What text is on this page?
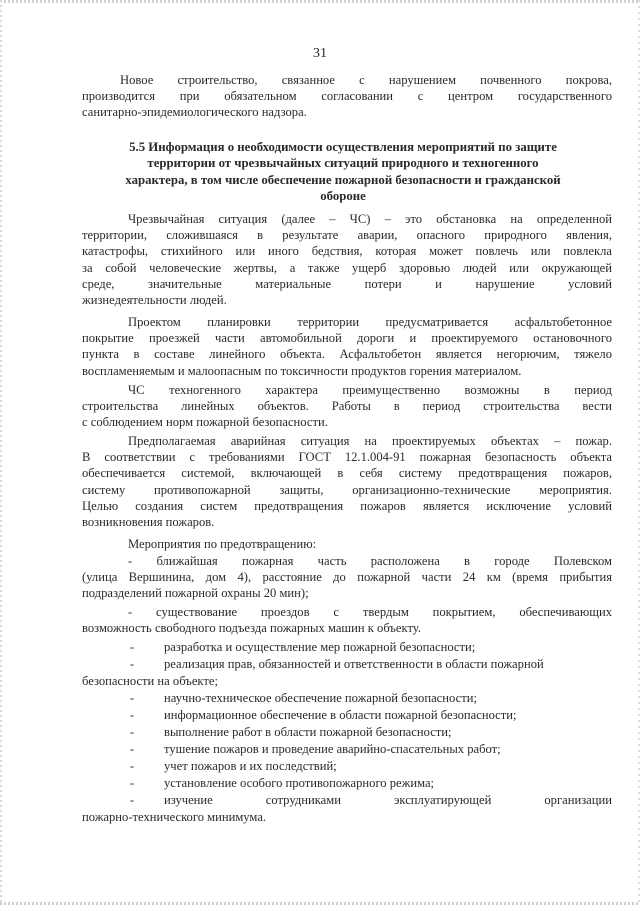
31
Новое строительство, связанное с нарушением почвенного покрова,
производится при обязательном согласовании с центром государственного
санитарно-эпидемиологического надзора.
5.5 Информация о необходимости осуществления мероприятий по защите
территории от чрезвычайных ситуаций природного и техногенного
характера, в том числе обеспечение пожарной безопасности и гражданской
обороне
Чрезвычайная ситуация (далее – ЧС) – это обстановка на определенной
территории, сложившаяся в результате аварии, опасного природного явления,
катастрофы, стихийного или иного бедствия, которая может повлечь или повлекла
за собой человеческие жертвы, а также ущерб здоровью людей или окружающей
среде, значительные материальные потери и нарушение условий
жизнедеятельности людей.
Проектом планировки территории предусматривается асфальтобетонное
покрытие проезжей части автомобильной дороги и проектируемого остановочного
пункта в составе линейного объекта. Асфальтобетон является негорючим, тяжело
воспламеняемым и малоопасным по токсичности продуктов горения материалом.
ЧС техногенного характера преимущественно возможны в период
строительства линейных объектов. Работы в период строительства вести
с соблюдением норм пожарной безопасности.
Предполагаемая аварийная ситуация на проектируемых объектах – пожар.
В соответствии с требованиями ГОСТ 12.1.004-91 пожарная безопасность объекта
обеспечивается системой, включающей в себя систему предотвращения пожаров,
систему противопожарной защиты, организационно-технические мероприятия.
Целью создания систем предотвращения пожаров является исключение условий
возникновения пожаров.
Мероприятия по предотвращению:
- ближайшая пожарная часть расположена в городе Полевском
(улица Вершинина, дом 4), расстояние до пожарной части 24 км (время прибытия
подразделений пожарной охраны 20 мин);
- существование проездов с твердым покрытием, обеспечивающих
возможность свободного подъезда пожарных машин к объекту.
- разработка и осуществление мер пожарной безопасности;
- реализация прав, обязанностей и ответственности в области пожарной
безопасности на объекте;
- научно-техническое обеспечение пожарной безопасности;
- информационное обеспечение в области пожарной безопасности;
- выполнение работ в области пожарной безопасности;
- тушение пожаров и проведение аварийно-спасательных работ;
- учет пожаров и их последствий;
- установление особого противопожарного режима;
- изучение сотрудниками эксплуатирующей организации
пожарно-технического минимума.
